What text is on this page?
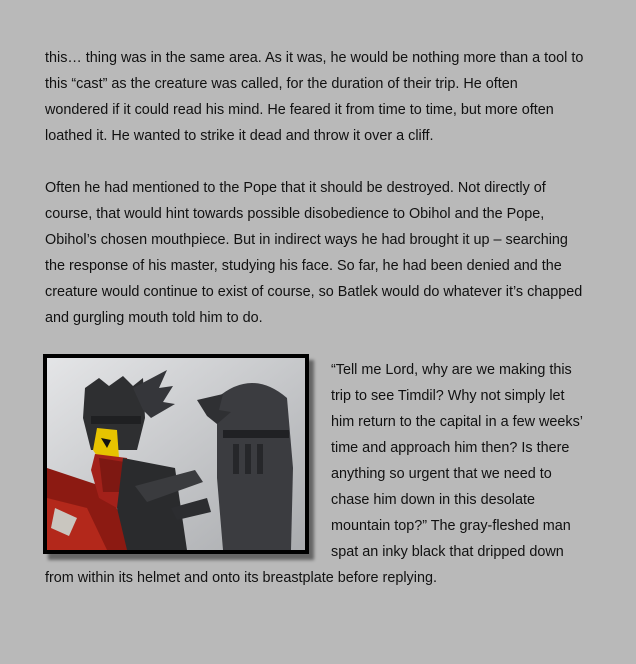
this… thing was in the same area. As it was, he would be nothing more than a tool to
this “cast” as the creature was called, for the duration of their trip. He often
wondered if it could read his mind. He feared it from time to time, but more often
loathed it. He wanted to strike it dead and throw it over a cliff.

Often he had mentioned to the Pope that it should be destroyed. Not directly of
course, that would hint towards possible disobedience to Obihol and the Pope,
Obihol’s chosen mouthpiece. But in indirect ways he had brought it up – searching
the response of his master, studying his face. So far, he had been denied and the
creature would continue to exist of course, so Batlek would do whatever it’s chapped
and gurgling mouth told him to do.

“Tell me Lord, why are we making this
trip to see Timdil? Why not simply let
him return to the capital in a few weeks’
time and approach him then? Is there
anything so urgent that we need to
chase him down in this desolate
mountain top?” The gray-fleshed man
spat an inky black that dripped down

from within its helmet and onto its breastplate before replying.
